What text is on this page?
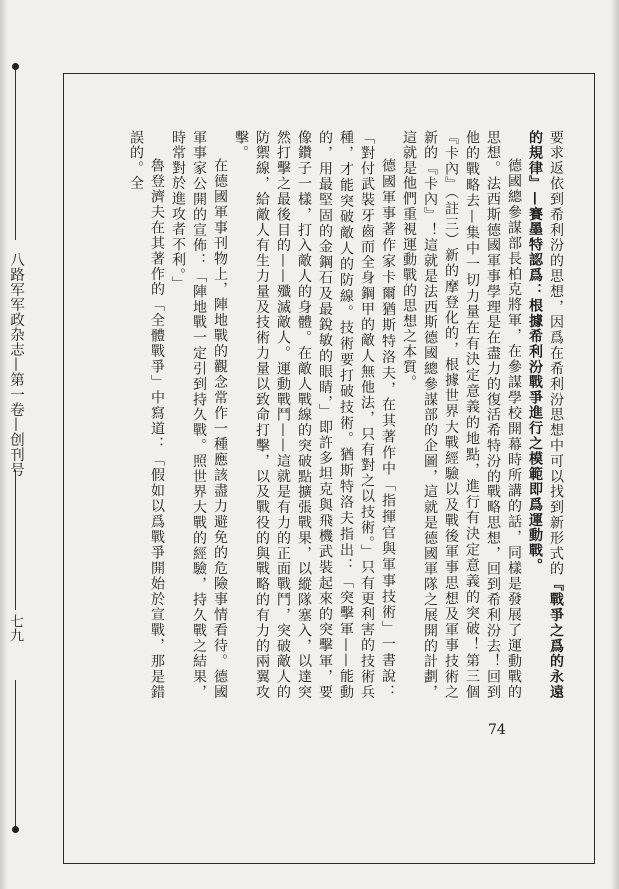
八路军军政杂志—第一卷—创刊号
七九

要求返依到希利汾的思想，因爲在希利汾思想中可以找到新形式的『戰爭之爲的永遠的規律』—賽墨特認爲：根據希利汾戰爭進行之模範即爲運動戰。

德國總參謀部長柏克將軍，在參謀學校開幕時所講的話，同樣是發展了運動戰的思想。法西斯德國軍事學理是在盡力的復活希特汾的戰略思想，回到希利汾去！回到他的戰略去—集中一切力量在有決定意義的地點，進行有決定意義的突破！第三個『卡內』（註三）新的摩登化的，根據世界大戰經驗以及戰後軍事思想及軍事技術之新的『卡內』！這就是法西斯德國總參謀部的企圖，這就是德國軍隊之展開的計劃，這就是他們重視運動戰的思想之本質。

德國軍事著作家卡爾猶斯特洛夫，在其著作中「指揮官與軍事技術」一書說：「對付武裝牙齒而全身鋼甲的敵人無他法，只有對之以技術。」只有更利害的技術兵種，才能突破敵人的防線。技術要打破技術。猶斯特洛夫指出：「突擊軍——能動的，用最堅固的金鋼石及最銳敏的眼睛，」即許多坦克與飛機武裝起來的突擊軍，要像鑽子一樣，打入敵人的身體。在敵人戰線的突破點擴張戰果，以縱隊塞入，以達突然打擊之最後目的——殲滅敵人。運動戰鬥——這就是有力的正面戰鬥，突破敵人的防禦線，給敵人有生力量及技術力量以致命打擊，以及戰役的與戰略的有力的兩翼攻擊。

在德國軍事刊物上，陣地戰的觀念常作一種應該盡力避免的危險事情看待。德國軍事家公開的宣佈：「陣地戰一定引到持久戰。照世界大戰的經驗，持久戰之結果，時常對於進攻者不利。」

魯登濟夫在其著作的「全體戰爭」中寫道：「假如以爲戰爭開始於宣戰，那是錯誤的。全

74
